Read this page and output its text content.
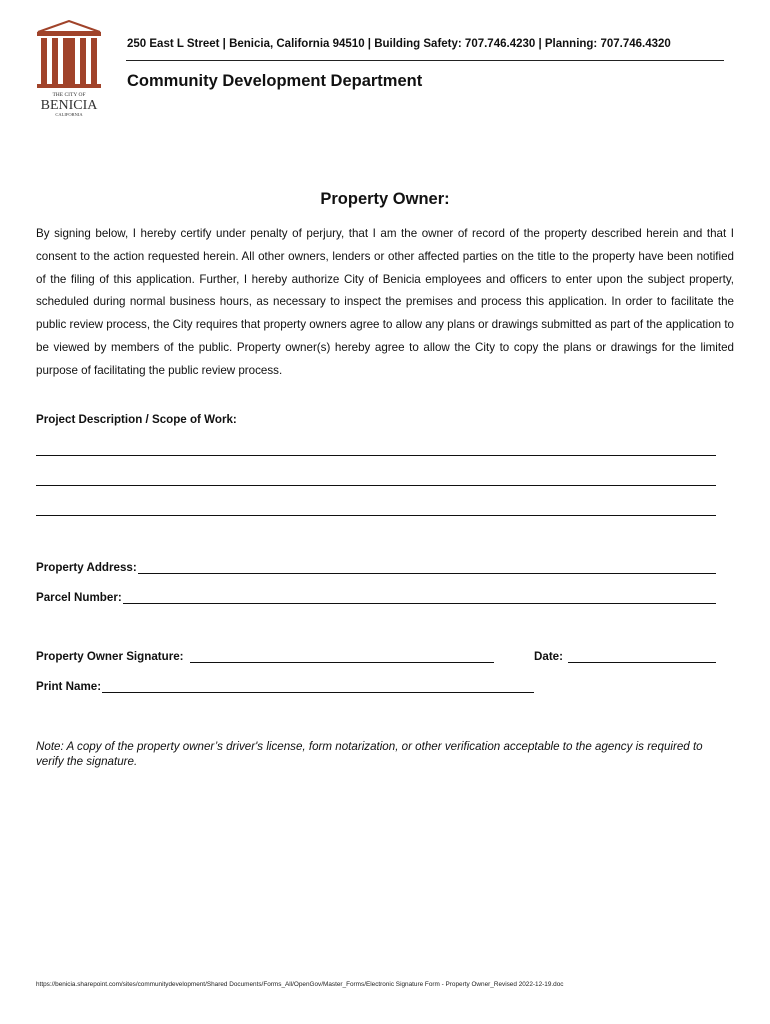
THE CITY OF
BENICIA
CALIFORNIA
250 East L Street | Benicia, California 94510 | Building Safety: 707.746.4230 | Planning: 707.746.4320
Community Development Department
Property Owner:

By signing below, I hereby certify under penalty of perjury, that I am the owner of record of the property described herein and that I consent to the action requested herein. All other owners, lenders or other affected parties on the title to the property have been notified of the filing of this application. Further, I hereby authorize City of Benicia employees and officers to enter upon the subject property, scheduled during normal business hours, as necessary to inspect the premises and process this application. In order to facilitate the public review process, the City requires that property owners agree to allow any plans or drawings submitted as part of the application to be viewed by members of the public. Property owner(s) hereby agree to allow the City to copy the plans or drawings for the limited purpose of facilitating the public review process.

Project Description / Scope of Work:
Property Address:
Parcel Number:
Property Owner Signature:	Date:
Print Name:
Note: A copy of the property owner’s driver's license, form notarization, or other verification acceptable to the agency is required to verify the signature.
https://benicia.sharepoint.com/sites/communitydevelopment/Shared Documents/Forms_All/OpenGov/Master_Forms/Electronic Signature Form - Property Owner_Revised 2022-12-19.doc
